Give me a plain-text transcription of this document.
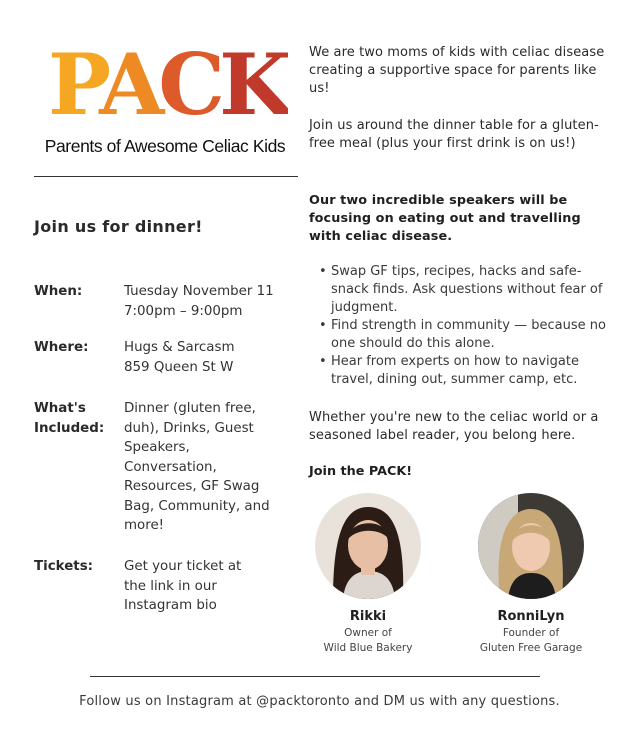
PACK
Parents of Awesome Celiac Kids
Join us for dinner!
When:	Tuesday November 11
7:00pm – 9:00pm
Where:	Hugs & Sarcasm
859 Queen St W
What's
Included:
Dinner (gluten free,
duh), Drinks, Guest
Speakers,
Conversation,
Resources, GF Swag
Bag, Community, and
more!
Tickets:	Get your ticket at
the link in our
Instagram bio

We are two moms of kids with celiac disease creating a supportive space for parents like us!

Join us around the dinner table for a gluten-free meal (plus your first drink is on us!)

Our two incredible speakers will be focusing on eating out and travelling with celiac disease.

• Swap GF tips, recipes, hacks and safe-snack finds. Ask questions without fear of judgment.
• Find strength in community — because no one should do this alone.
• Hear from experts on how to navigate travel, dining out, summer camp, etc.

Whether you're new to the celiac world or a seasoned label reader, you belong here.

Join the PACK!
Rikki
Owner of
Wild Blue Bakery
RonniLyn
Founder of
Gluten Free Garage
Follow us on Instagram at @packtoronto and DM us with any questions.
